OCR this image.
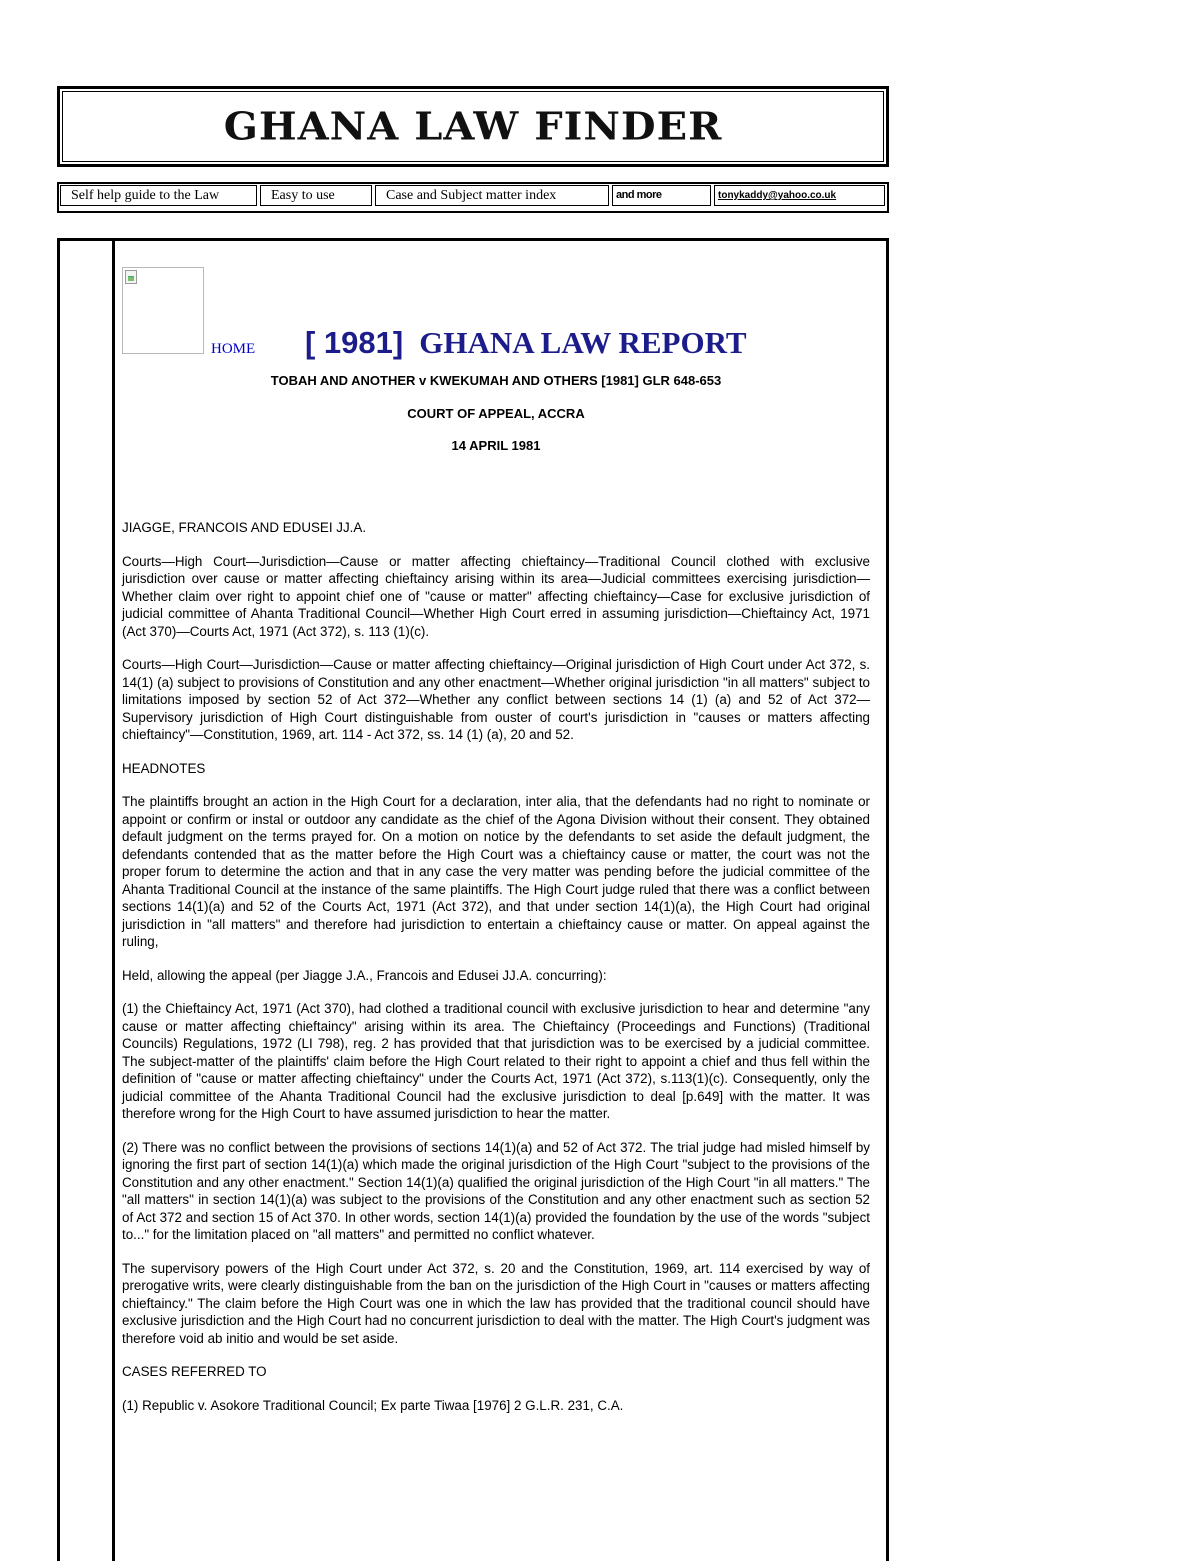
GHANA LAW FINDER
Self help guide to the Law	Easy to use	Case and Subject matter index	and more	tonykaddy@yahoo.co.uk
HOME [ 1981] GHANA LAW REPORT
TOBAH AND ANOTHER v KWEKUMAH AND OTHERS [1981] GLR 648-653
COURT OF APPEAL, ACCRA
14 APRIL 1981

JIAGGE, FRANCOIS AND EDUSEI JJ.A.

Courts—High Court—Jurisdiction—Cause or matter affecting chieftaincy—Traditional Council clothed with exclusive jurisdiction over cause or matter affecting chieftaincy arising within its area—Judicial committees exercising jurisdiction—Whether claim over right to appoint chief one of "cause or matter" affecting chieftaincy—Case for exclusive jurisdiction of judicial committee of Ahanta Traditional Council—Whether High Court erred in assuming jurisdiction—Chieftaincy Act, 1971 (Act 370)—Courts Act, 1971 (Act 372), s. 113 (1)(c).

Courts—High Court—Jurisdiction—Cause or matter affecting chieftaincy—Original jurisdiction of High Court under Act 372, s. 14(1) (a) subject to provisions of Constitution and any other enactment—Whether original jurisdiction "in all matters" subject to limitations imposed by section 52 of Act 372—Whether any conflict between sections 14 (1) (a) and 52 of Act 372—Supervisory jurisdiction of High Court distinguishable from ouster of court's jurisdiction in "causes or matters affecting chieftaincy"—Constitution, 1969, art. 114 - Act 372, ss. 14 (1) (a), 20 and 52.

HEADNOTES

The plaintiffs brought an action in the High Court for a declaration, inter alia, that the defendants had no right to nominate or appoint or confirm or instal or outdoor any candidate as the chief of the Agona Division without their consent. They obtained default judgment on the terms prayed for. On a motion on notice by the defendants to set aside the default judgment, the defendants contended that as the matter before the High Court was a chieftaincy cause or matter, the court was not the proper forum to determine the action and that in any case the very matter was pending before the judicial committee of the Ahanta Traditional Council at the instance of the same plaintiffs. The High Court judge ruled that there was a conflict between sections 14(1)(a) and 52 of the Courts Act, 1971 (Act 372), and that under section 14(1)(a), the High Court had original jurisdiction in "all matters" and therefore had jurisdiction to entertain a chieftaincy cause or matter. On appeal against the ruling,

Held, allowing the appeal (per Jiagge J.A., Francois and Edusei JJ.A. concurring):

(1) the Chieftaincy Act, 1971 (Act 370), had clothed a traditional council with exclusive jurisdiction to hear and determine "any cause or matter affecting chieftaincy" arising within its area. The Chieftaincy (Proceedings and Functions) (Traditional Councils) Regulations, 1972 (LI 798), reg. 2 has provided that that jurisdiction was to be exercised by a judicial committee. The subject-matter of the plaintiffs' claim before the High Court related to their right to appoint a chief and thus fell within the definition of "cause or matter affecting chieftaincy" under the Courts Act, 1971 (Act 372), s.113(1)(c). Consequently, only the judicial committee of the Ahanta Traditional Council had the exclusive jurisdiction to deal [p.649] with the matter. It was therefore wrong for the High Court to have assumed jurisdiction to hear the matter.

(2) There was no conflict between the provisions of sections 14(1)(a) and 52 of Act 372. The trial judge had misled himself by ignoring the first part of section 14(1)(a) which made the original jurisdiction of the High Court "subject to the provisions of the Constitution and any other enactment." Section 14(1)(a) qualified the original jurisdiction of the High Court "in all matters." The "all matters" in section 14(1)(a) was subject to the provisions of the Constitution and any other enactment such as section 52 of Act 372 and section 15 of Act 370. In other words, section 14(1)(a) provided the foundation by the use of the words "subject to..." for the limitation placed on "all matters" and permitted no conflict whatever.

The supervisory powers of the High Court under Act 372, s. 20 and the Constitution, 1969, art. 114 exercised by way of prerogative writs, were clearly distinguishable from the ban on the jurisdiction of the High Court in "causes or matters affecting chieftaincy." The claim before the High Court was one in which the law has provided that the traditional council should have exclusive jurisdiction and the High Court had no concurrent jurisdiction to deal with the matter. The High Court's judgment was therefore void ab initio and would be set aside.

CASES REFERRED TO

(1) Republic v. Asokore Traditional Council; Ex parte Tiwaa [1976] 2 G.L.R. 231, C.A.
